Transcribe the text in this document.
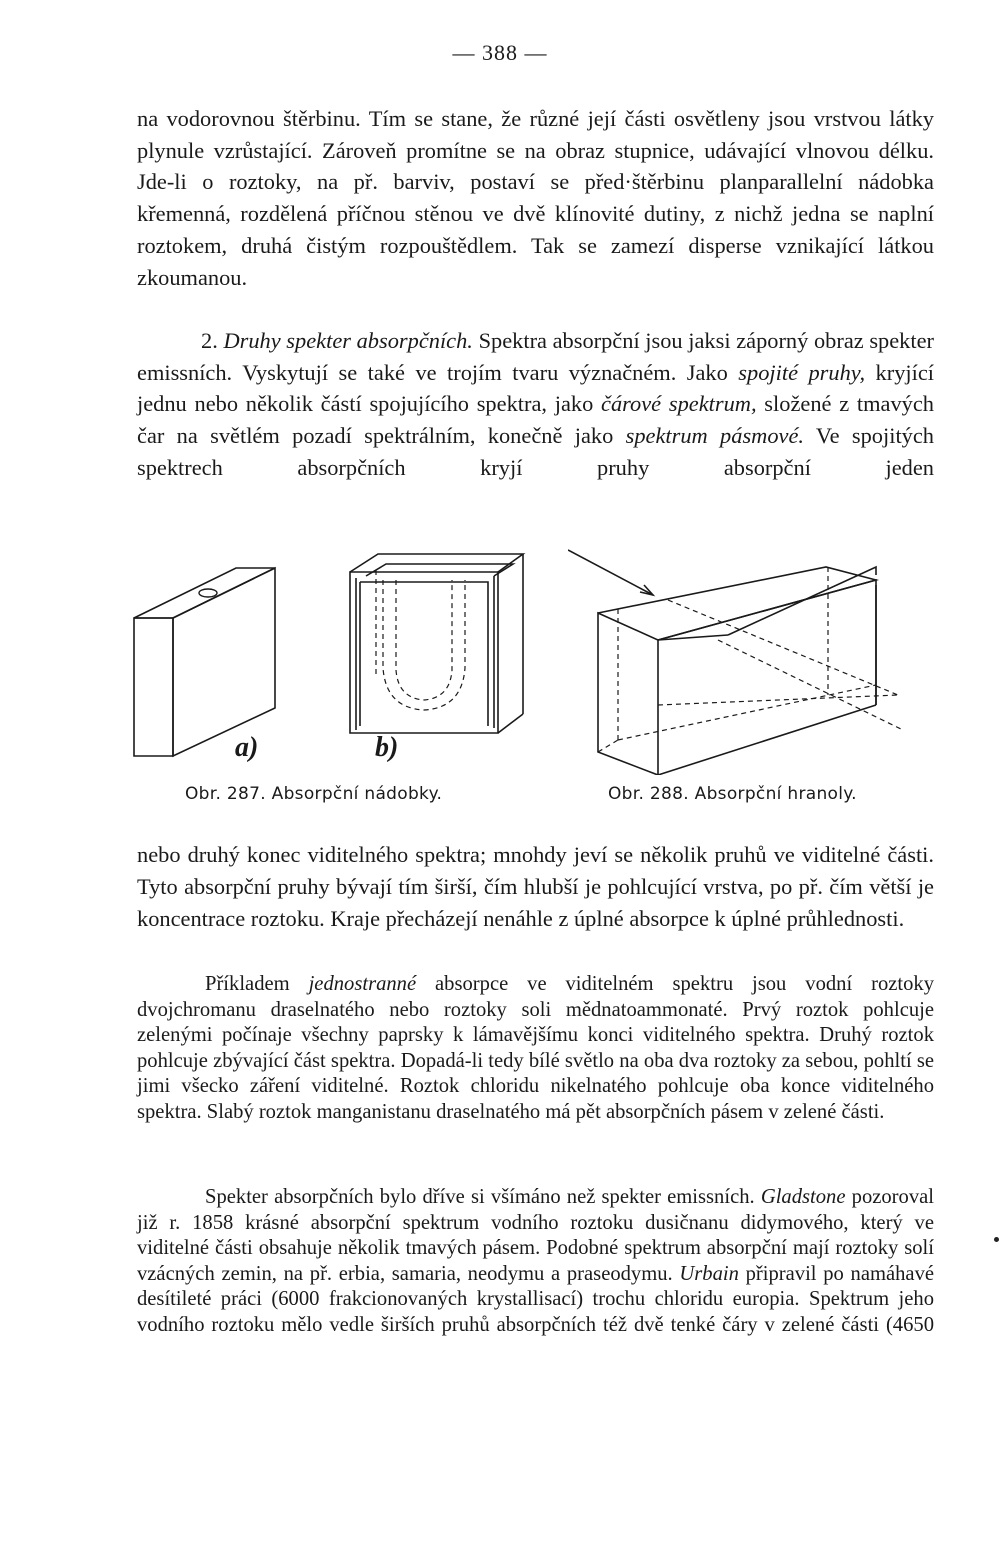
— 388 —

na vodorovnou štěrbinu. Tím se stane, že různé její části osvětleny jsou vrstvou látky plynule vzrůstající. Zároveň promítne se na obraz stupnice, udávající vlnovou délku. Jde-li o roztoky, na př. barviv, postaví se před·štěrbinu planparallelní nádobka křemenná, rozdělená příčnou stěnou ve dvě klínovité dutiny, z nichž jedna se naplní roztokem, druhá čistým rozpouštědlem. Tak se zamezí disperse vznikající látkou zkoumanou.

2. Druhy spekter absorpčních. Spektra absorpční jsou jaksi záporný obraz spekter emissních. Vyskytují se také ve trojím tvaru význačném. Jako spojité pruhy, kryjící jednu nebo několik částí spojujícího spektra, jako čárové spektrum, složené z tmavých čar na světlém pozadí spektrálním, konečně jako spektrum pásmové. Ve spojitých spektrech absorpčních kryjí pruhy absorpční jeden

a)	b)
Obr. 287. Absorpční nádobky.	Obr. 288. Absorpční hranoly.

nebo druhý konec viditelného spektra; mnohdy jeví se několik pruhů ve viditelné části. Tyto absorpční pruhy bývají tím širší, čím hlubší je pohlcující vrstva, po př. čím větší je koncentrace roztoku. Kraje přecházejí nenáhle z úplné absorpce k úplné průhlednosti.

Příkladem jednostranné absorpce ve viditelném spektru jsou vodní roztoky dvojchromanu draselnatého nebo roztoky soli mědnatoammonaté. Prvý roztok pohlcuje zelenými počínaje všechny paprsky k lámavějšímu konci viditelného spektra. Druhý roztok pohlcuje zbývající část spektra. Dopadá-li tedy bílé světlo na oba dva roztoky za sebou, pohltí se jimi všecko záření viditelné. Roztok chloridu nikelnatého pohlcuje oba konce viditelného spektra. Slabý roztok manganistanu draselnatého má pět absorpčních pásem v zelené části.

Spekter absorpčních bylo dříve si všímáno než spekter emissních. Gladstone pozoroval již r. 1858 krásné absorpční spektrum vodního roztoku dusičnanu didymového, který ve viditelné části obsahuje několik tmavých pásem. Podobné spektrum absorpční mají roztoky solí vzácných zemin, na př. erbia, samaria, neodymu a praseodymu. Urbain připravil po namáhavé desítileté práci (6000 frakcionovaných krystallisací) trochu chloridu europia. Spektrum jeho vodního roztoku mělo vedle širších pruhů absorpčních též dvě tenké čáry v zelené části (4650
